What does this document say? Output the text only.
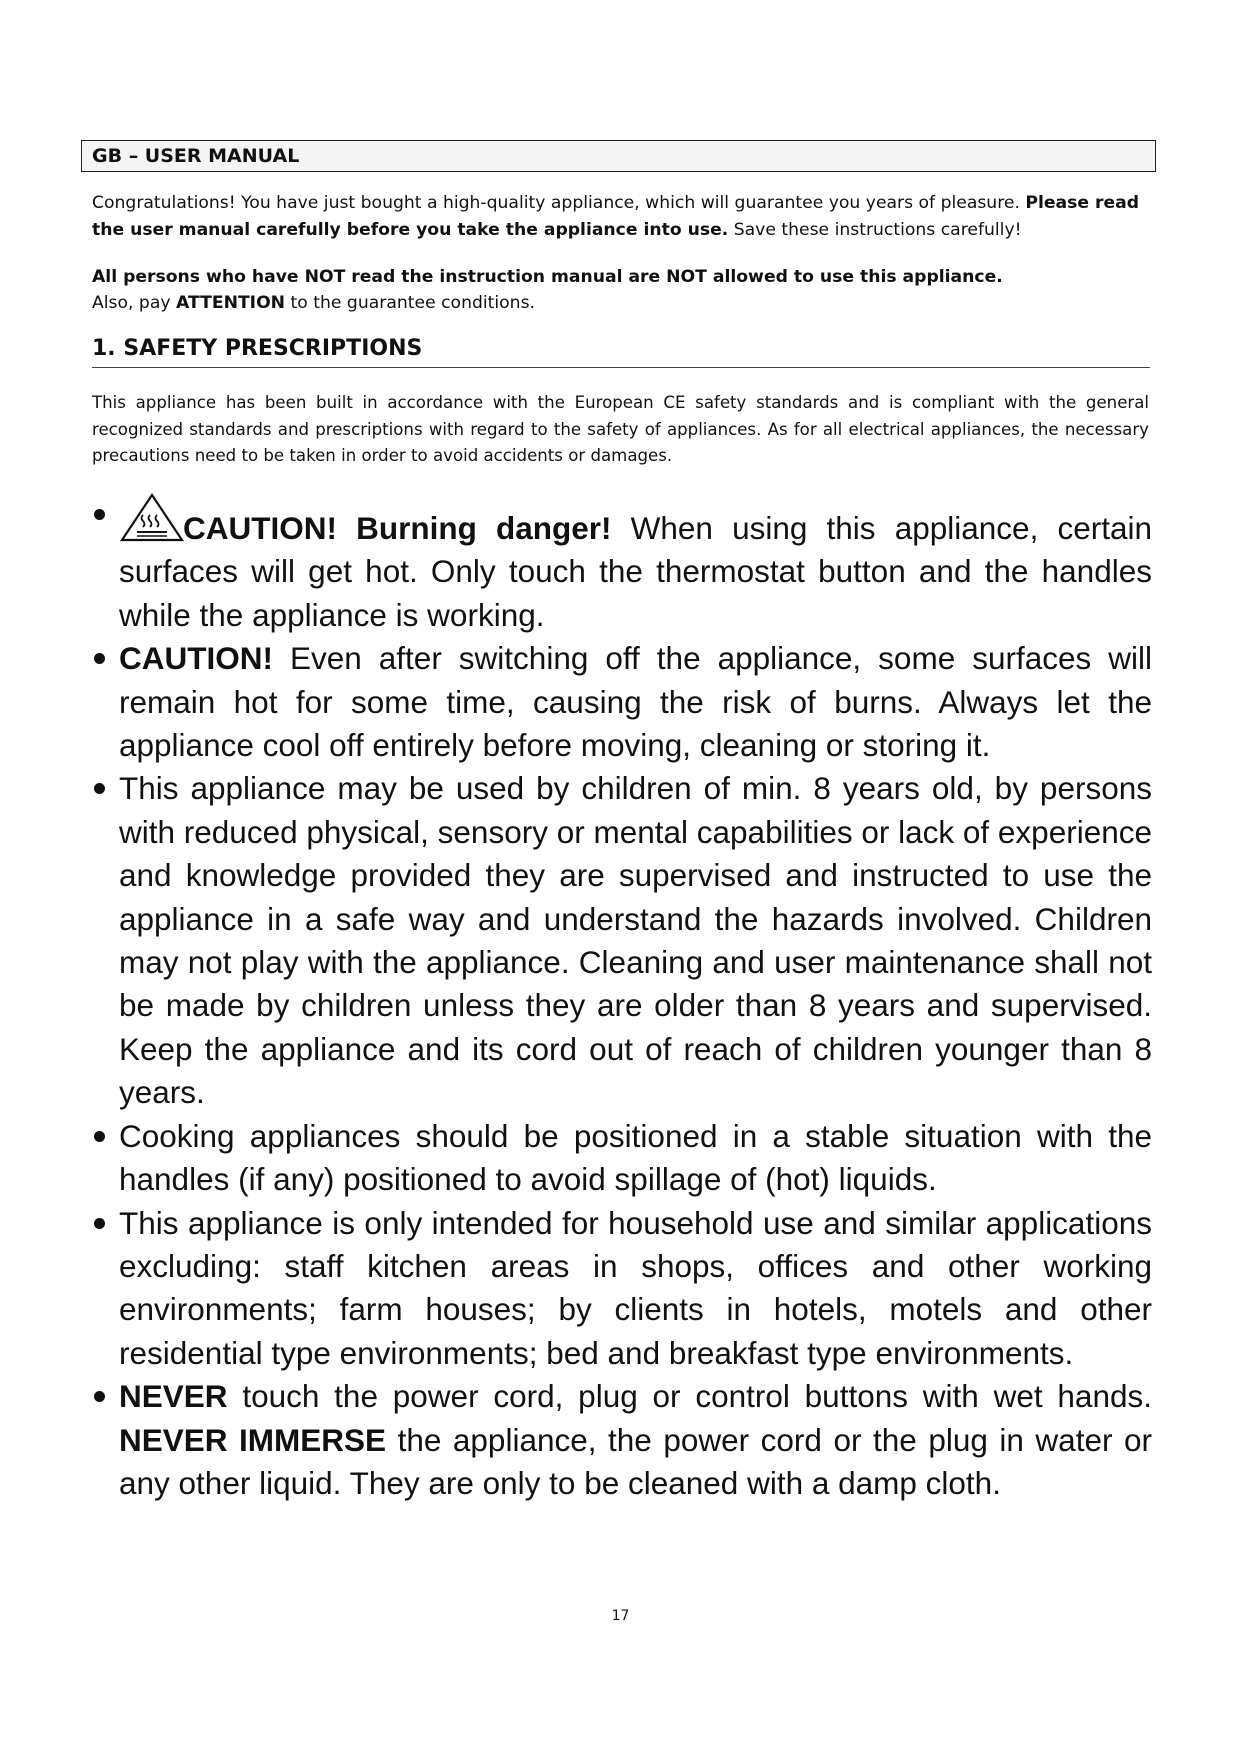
GB – USER MANUAL

Congratulations! You have just bought a high-quality appliance, which will guarantee you years of pleasure. Please read the user manual carefully before you take the appliance into use. Save these instructions carefully!

All persons who have NOT read the instruction manual are NOT allowed to use this appliance.

Also, pay ATTENTION to the guarantee conditions.

1. SAFETY PRESCRIPTIONS
This appliance has been built in accordance with the European CE safety standards and is compliant with the general recognized standards and prescriptions with regard to the safety of appliances. As for all electrical appliances, the necessary precautions need to be taken in order to avoid accidents or damages.
CAUTION! Burning danger! When using this appliance, certain surfaces will get hot. Only touch the thermostat button and the handles while the appliance is working.
CAUTION! Even after switching off the appliance, some surfaces will remain hot for some time, causing the risk of burns. Always let the appliance cool off entirely before moving, cleaning or storing it.
This appliance may be used by children of min. 8 years old, by persons with reduced physical, sensory or mental capabilities or lack of experience and knowledge provided they are supervised and instructed to use the appliance in a safe way and understand the hazards involved. Children may not play with the appliance. Cleaning and user maintenance shall not be made by children unless they are older than 8 years and supervised. Keep the appliance and its cord out of reach of children younger than 8 years.
Cooking appliances should be positioned in a stable situation with the handles (if any) positioned to avoid spillage of (hot) liquids.
This appliance is only intended for household use and similar applications excluding: staff kitchen areas in shops, offices and other working environments; farm houses; by clients in hotels, motels and other residential type environments; bed and breakfast type environments.
NEVER touch the power cord, plug or control buttons with wet hands. NEVER IMMERSE the appliance, the power cord or the plug in water or any other liquid. They are only to be cleaned with a damp cloth.
17
